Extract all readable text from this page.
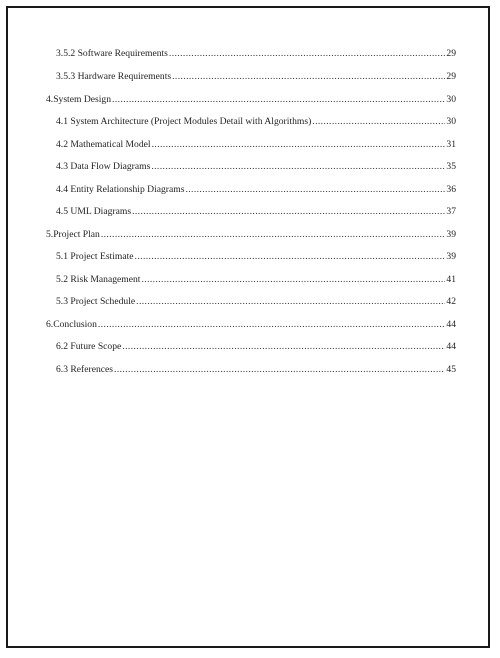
3.5.2 Software Requirements .....	29
3.5.3 Hardware Requirements .....	29
4.System Design .....	30
4.1 System Architecture (Project Modules Detail with Algorithms) .....	30
4.2 Mathematical Model .....	31
4.3 Data Flow Diagrams .....	35
4.4 Entity Relationship Diagrams .....	36
4.5 UML Diagrams .....	37
5.Project Plan .....	39
5.1 Project Estimate .....	39
5.2 Risk Management .....	41
5.3 Project Schedule .....	42
6.Conclusion .....	44
6.2 Future Scope .....	44
6.3 References .....	45
